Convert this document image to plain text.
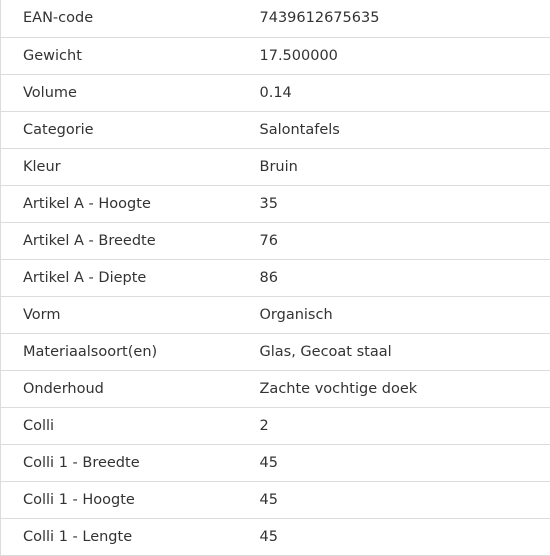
EAN-code	7439612675635
Gewicht	17.500000
Volume	0.14
Categorie	Salontafels
Kleur	Bruin
Artikel A - Hoogte	35
Artikel A - Breedte	76
Artikel A - Diepte	86
Vorm	Organisch
Materiaalsoort(en)	Glas, Gecoat staal
Onderhoud	Zachte vochtige doek
Colli	2
Colli 1 - Breedte	45
Colli 1 - Hoogte	45
Colli 1 - Lengte	45
